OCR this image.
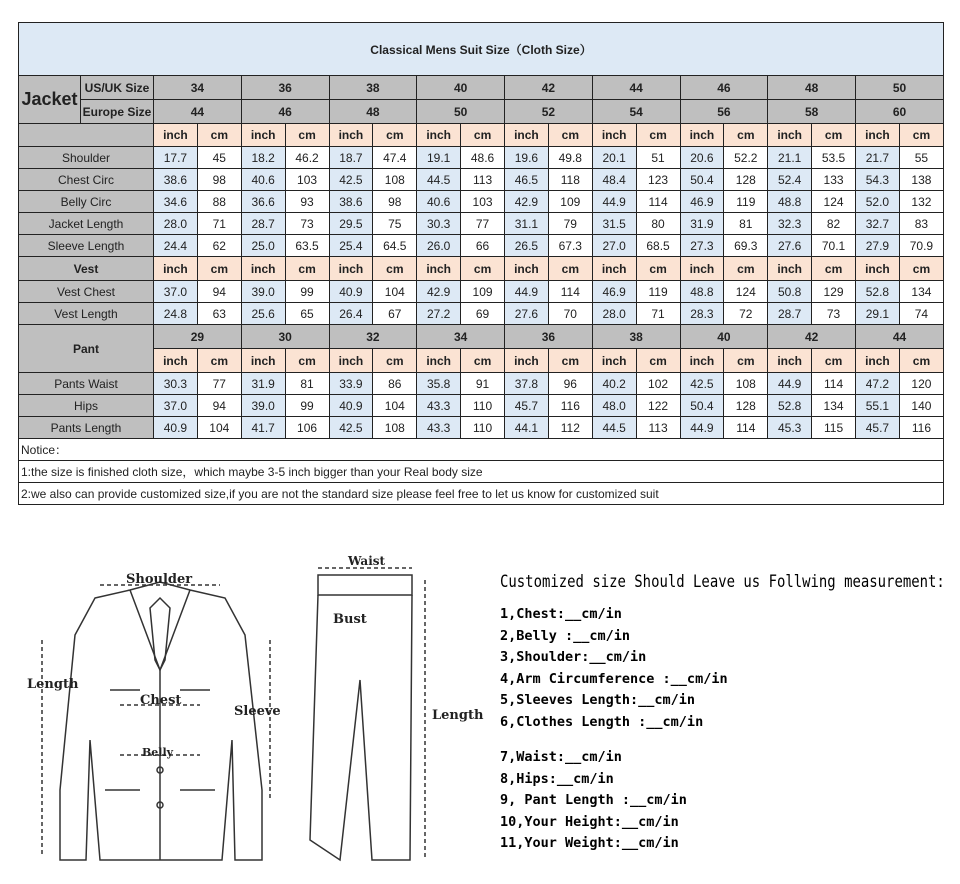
Classical Mens Suit Size（Cloth Size）																			
Jacket	US/UK Size	34		36		38		40		42		44		46		48		50	
	Europe Size	44		46		48		50		52		54		56		58		60	
		inch	cm	inch	cm	inch	cm	inch	cm	inch	cm	inch	cm	inch	cm	inch	cm	inch	cm
Shoulder		17.7	45	18.2	46.2	18.7	47.4	19.1	48.6	19.6	49.8	20.1	51	20.6	52.2	21.1	53.5	21.7	55
Chest Circ		38.6	98	40.6	103	42.5	108	44.5	113	46.5	118	48.4	123	50.4	128	52.4	133	54.3	138
Belly Circ		34.6	88	36.6	93	38.6	98	40.6	103	42.9	109	44.9	114	46.9	119	48.8	124	52.0	132
Jacket Length		28.0	71	28.7	73	29.5	75	30.3	77	31.1	79	31.5	80	31.9	81	32.3	82	32.7	83
Sleeve Length		24.4	62	25.0	63.5	25.4	64.5	26.0	66	26.5	67.3	27.0	68.5	27.3	69.3	27.6	70.1	27.9	70.9
Vest		inch	cm	inch	cm	inch	cm	inch	cm	inch	cm	inch	cm	inch	cm	inch	cm	inch	cm
Vest Chest		37.0	94	39.0	99	40.9	104	42.9	109	44.9	114	46.9	119	48.8	124	50.8	129	52.8	134
Vest Length		24.8	63	25.6	65	26.4	67	27.2	69	27.6	70	28.0	71	28.3	72	28.7	73	29.1	74
Pant		29		30		32		34		36		38		40		42		44	
		inch	cm	inch	cm	inch	cm	inch	cm	inch	cm	inch	cm	inch	cm	inch	cm	inch	cm
Pants Waist		30.3	77	31.9	81	33.9	86	35.8	91	37.8	96	40.2	102	42.5	108	44.9	114	47.2	120
Hips		37.0	94	39.0	99	40.9	104	43.3	110	45.7	116	48.0	122	50.4	128	52.8	134	55.1	140
Pants Length		40.9	104	41.7	106	42.5	108	43.3	110	44.1	112	44.5	113	44.9	114	45.3	115	45.7	116
Notice：																			
1:the size is finished cloth size，which maybe 3-5 inch bigger than your Real body size																			
2:we also can provide customized size,if you are not the standard size please feel free to let us know for customized suit																			
Shoulder
Length
Chest
Sleeve
Belly
Waist
Bust
Length
Customized size Should Leave us Follwing measurement:
1,Chest:__cm/in
2,Belly :__cm/in
3,Shoulder:__cm/in
4,Arm Circumference :__cm/in
5,Sleeves Length:__cm/in
6,Clothes Length :__cm/in
7,Waist:__cm/in
8,Hips:__cm/in
9, Pant Length :__cm/in
10,Your Height:__cm/in
11,Your Weight:__cm/in
